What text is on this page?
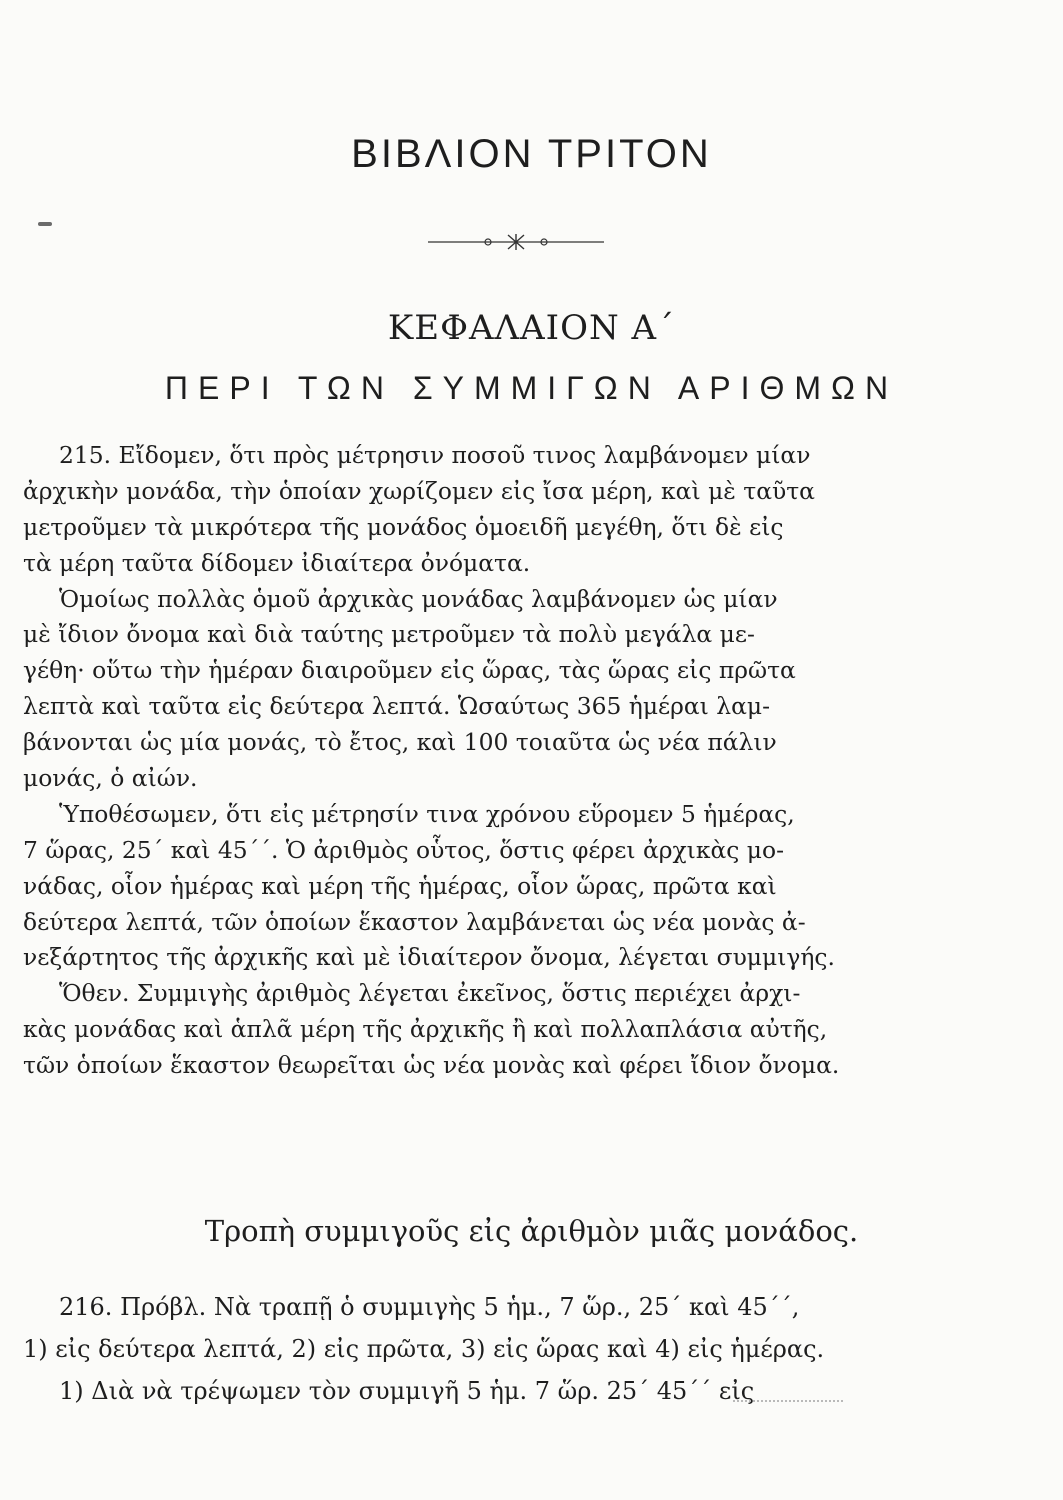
ΒΙΒΛΙΟΝ ΤΡΙΤΟΝ
ΚΕΦΑΛΑΙΟΝ Α΄
ΠΕΡΙ ΤΩΝ ΣΥΜΜΙΓΩΝ ΑΡΙΘΜΩΝ
215. Εἴδομεν, ὅτι πρὸς μέτρησιν ποσοῦ τινος λαμβάνομεν μίαν
ἀρχικὴν μονάδα, τὴν ὁποίαν χωρίζομεν εἰς ἴσα μέρη, καὶ μὲ ταῦτα
μετροῦμεν τὰ μικρότερα τῆς μονάδος ὁμοειδῆ μεγέθη, ὅτι δὲ εἰς
τὰ μέρη ταῦτα δίδομεν ἰδιαίτερα ὀνόματα.
Ὁμοίως πολλὰς ὁμοῦ ἀρχικὰς μονάδας λαμβάνομεν ὡς μίαν
μὲ ἴδιον ὄνομα καὶ διὰ ταύτης μετροῦμεν τὰ πολὺ μεγάλα με-
γέθη· οὕτω τὴν ἡμέραν διαιροῦμεν εἰς ὥρας, τὰς ὥρας εἰς πρῶτα
λεπτὰ καὶ ταῦτα εἰς δεύτερα λεπτά. Ὡσαύτως 365 ἡμέραι λαμ-
βάνονται ὡς μία μονάς, τὸ ἔτος, καὶ 100 τοιαῦτα ὡς νέα πάλιν
μονάς, ὁ αἰών.
Ὑποθέσωμεν, ὅτι εἰς μέτρησίν τινα χρόνου εὕρομεν 5 ἡμέρας,
7 ὥρας, 25΄ καὶ 45΄΄. Ὁ ἀριθμὸς οὗτος, ὅστις φέρει ἀρχικὰς μο-
νάδας, οἷον ἡμέρας καὶ μέρη τῆς ἡμέρας, οἷον ὥρας, πρῶτα καὶ
δεύτερα λεπτά, τῶν ὁποίων ἕκαστον λαμβάνεται ὡς νέα μονὰς ἀ-
νεξάρτητος τῆς ἀρχικῆς καὶ μὲ ἰδιαίτερον ὄνομα, λέγεται συμμιγής.
Ὅθεν. Συμμιγὴς ἀριθμὸς λέγεται ἐκεῖνος, ὅστις περιέχει ἀρχι-
κὰς μονάδας καὶ ἁπλᾶ μέρη τῆς ἀρχικῆς ἢ καὶ πολλαπλάσια αὐτῆς,
τῶν ὁποίων ἕκαστον θεωρεῖται ὡς νέα μονὰς καὶ φέρει ἴδιον ὄνομα.
Τροπὴ συμμιγοῦς εἰς ἀριθμὸν μιᾶς μονάδος.
216. Πρόβλ. Νὰ τραπῇ ὁ συμμιγὴς 5 ἡμ., 7 ὥρ., 25΄ καὶ 45΄΄,
1) εἰς δεύτερα λεπτά, 2) εἰς πρῶτα, 3) εἰς ὥρας καὶ 4) εἰς ἡμέρας.
1) Διὰ νὰ τρέψωμεν τὸν συμμιγῆ 5 ἡμ. 7 ὥρ. 25΄ 45΄΄ εἰς
